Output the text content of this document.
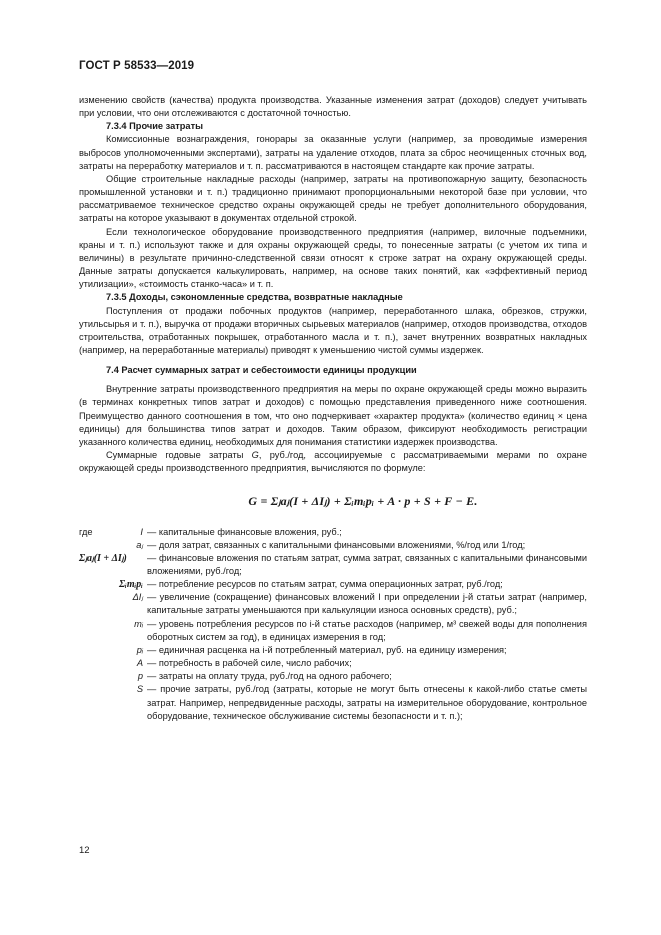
ГОСТ Р 58533—2019

изменению свойств (качества) продукта производства. Указанные изменения затрат (доходов) следует учитывать при условии, что они отслеживаются с достаточной точностью.

7.3.4 Прочие затраты

Комиссионные вознаграждения, гонорары за оказанные услуги (например, за проводимые измерения выбросов уполномоченными экспертами), затраты на удаление отходов, плата за сброс неочищенных сточных вод, затраты на переработку материалов и т. п. рассматриваются в настоящем стандарте как прочие затраты.

Общие строительные накладные расходы (например, затраты на противопожарную защиту, безопасность промышленной установки и т. п.) традиционно принимают пропорциональными некоторой базе при условии, что рассматриваемое техническое средство охраны окружающей среды не требует дополнительного оборудования, затраты на которое указывают в документах отдельной строкой.

Если технологическое оборудование производственного предприятия (например, вилочные подъемники, краны и т. п.) используют также и для охраны окружающей среды, то понесенные затраты (с учетом их типа и величины) в результате причинно-следственной связи относят к строке затрат на охрану окружающей среды. Данные затраты допускается калькулировать, например, на основе таких понятий, как «эффективный период утилизации», «стоимость станко-часа» и т. п.

7.3.5 Доходы, сэкономленные средства, возвратные накладные

Поступления от продажи побочных продуктов (например, переработанного шлака, обрезков, стружки, утильсырья и т. п.), выручка от продажи вторичных сырьевых материалов (например, отходов производства, отходов строительства, отработанных покрышек, отработанного масла и т. п.), зачет внутренних возвратных накладных (например, на переработанные материалы) приводят к уменьшению чистой суммы издержек.

7.4 Расчет суммарных затрат и себестоимости единицы продукции

Внутренние затраты производственного предприятия на меры по охране окружающей среды можно выразить (в терминах конкретных типов затрат и доходов) с помощью представления приведенного ниже соотношения. Преимущество данного соотношения в том, что оно подчеркивает «характер продукта» (количество единиц × цена единицы) для большинства типов затрат и доходов. Таким образом, фиксируют необходимость регистрации указанного количества единиц, необходимых для понимания статистики издержек производства.

Суммарные годовые затраты G, руб./год, ассоциируемые с рассматриваемыми мерами по охране окружающей среды производственного предприятия, вычисляются по формуле:

G = Σⱼaⱼ(I + ΔIⱼ) + Σᵢmᵢpᵢ + A · p + S + F − E.
где	I — капитальные финансовые вложения, руб.;
aⱼ — доля затрат, связанных с капитальными финансовыми вложениями, %/год или 1/год;
Σⱼaⱼ(I + ΔIⱼ)	— финансовые вложения по статьям затрат, сумма затрат, связанных с капитальными финансовыми вложениями, руб./год;
Σᵢmᵢpᵢ — потребление ресурсов по статьям затрат, сумма операционных затрат, руб./год;
ΔIⱼ — увеличение (сокращение) финансовых вложений I при определении j-й статьи затрат (например, капитальные затраты уменьшаются при калькуляции износа основных средств), руб.;
mᵢ — уровень потребления ресурсов по i-й статье расходов (например, м³ свежей воды для пополнения оборотных систем за год), в единицах измерения в год;
pᵢ — единичная расценка на i-й потребленный материал, руб. на единицу измерения;
A — потребность в рабочей силе, число рабочих;
p — затраты на оплату труда, руб./год на одного рабочего;
S — прочие затраты, руб./год (затраты, которые не могут быть отнесены к какой-либо статье сметы затрат. Например, непредвиденные расходы, затраты на измерительное оборудование, контрольное оборудование, техническое обслуживание системы безопасности и т. п.);
12
